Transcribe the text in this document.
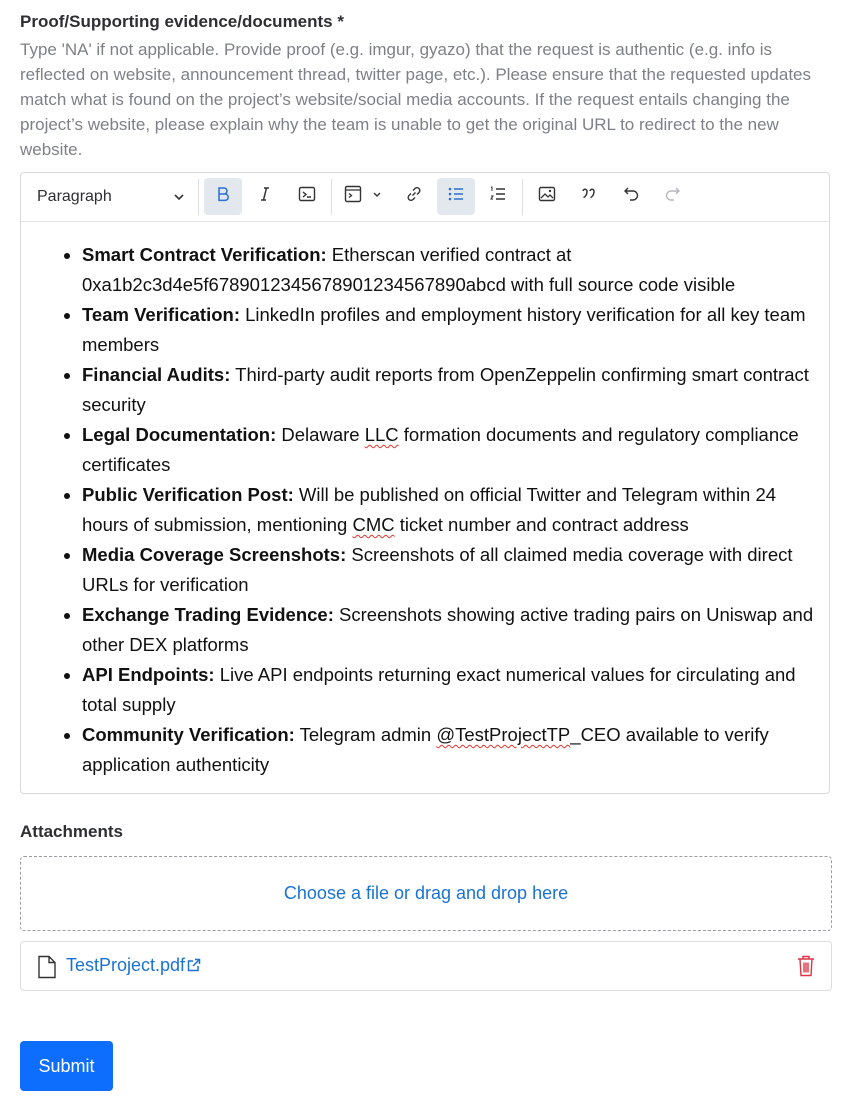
Proof/Supporting evidence/documents *
Type 'NA' if not applicable. Provide proof (e.g. imgur, gyazo) that the request is authentic (e.g. info is reflected on website, announcement thread, twitter page, etc.). Please ensure that the requested updates match what is found on the project’s website/social media accounts. If the request entails changing the project’s website, please explain why the team is unable to get the original URL to redirect to the new website.
Paragraph
• Smart Contract Verification: Etherscan verified contract at 0xa1b2c3d4e5f6789012345678901234567890abcd with full source code visible
• Team Verification: LinkedIn profiles and employment history verification for all key team members
• Financial Audits: Third-party audit reports from OpenZeppelin confirming smart contract security
• Legal Documentation: Delaware LLC formation documents and regulatory compliance certificates
• Public Verification Post: Will be published on official Twitter and Telegram within 24 hours of submission, mentioning CMC ticket number and contract address
• Media Coverage Screenshots: Screenshots of all claimed media coverage with direct URLs for verification
• Exchange Trading Evidence: Screenshots showing active trading pairs on Uniswap and other DEX platforms
• API Endpoints: Live API endpoints returning exact numerical values for circulating and total supply
• Community Verification: Telegram admin @TestProjectTP_CEO available to verify application authenticity
Attachments
Choose a file or drag and drop here
TestProject.pdf
Submit
